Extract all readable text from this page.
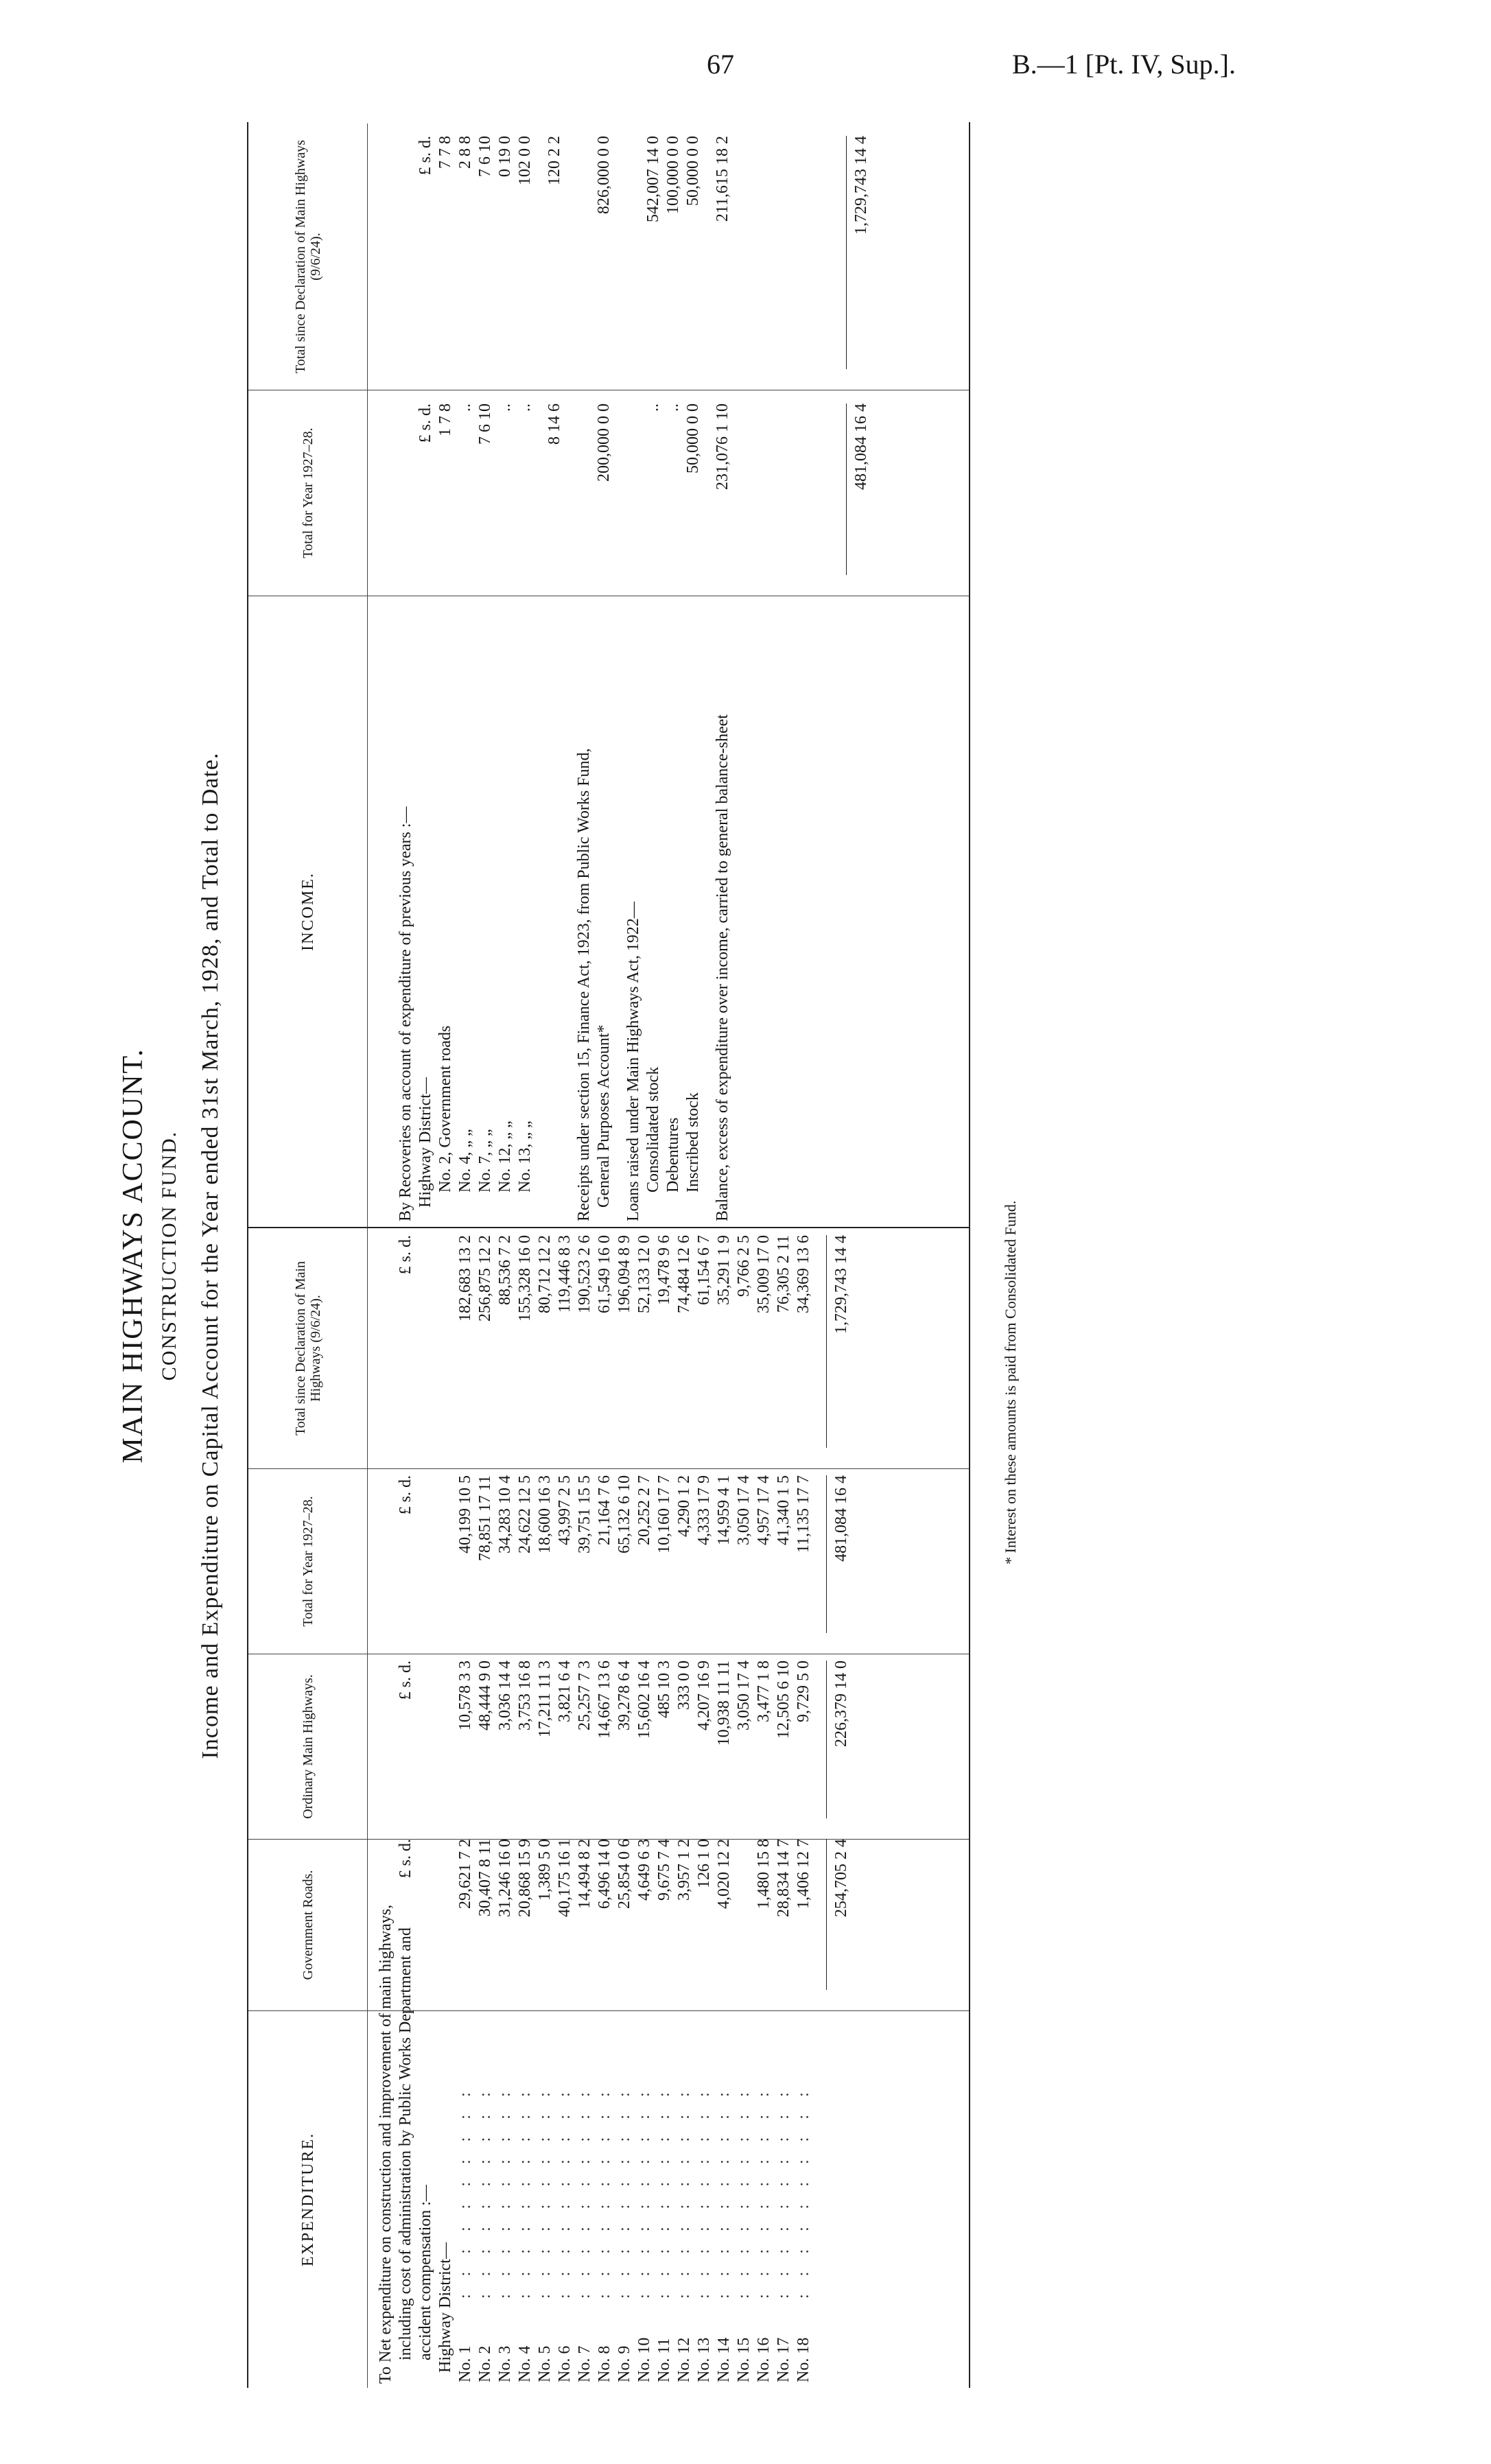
67	B.—1 [Pt. IV, Sup.].
MAIN HIGHWAYS ACCOUNT. CONSTRUCTION FUND. Income and Expenditure on Capital Account for the Year ended 31st March, 1928, and Total to Date.
EXPENDITURE.
Government Roads.
Ordinary Main Highways.
Total for Year 1927–28.
Total since Declaration of Main Highways (9/6/24).
To Net expenditure on construction and improvement of main highways, including cost of administration by Public Works Department and accident compensation :— Highway District—
£ s. d.
£ s. d.
£ s. d.
£ s. d.
No. 1
: : : : : : : : : :
29,621 7 2
10,578 3 3
40,199 10 5
182,683 13 2
No. 2
: : : : : : : : : :
30,407 8 11
48,444 9 0
78,851 17 11
256,875 12 2
No. 3
: : : : : : : : : :
31,246 16 0
3,036 14 4
34,283 10 4
88,536 7 2
No. 4
: : : : : : : : : :
20,868 15 9
3,753 16 8
24,622 12 5
155,328 16 0
No. 5
: : : : : : : : : :
1,389 5 0
17,211 11 3
18,600 16 3
80,712 12 2
No. 6
: : : : : : : : : :
40,175 16 1
3,821 6 4
43,997 2 5
119,446 8 3
No. 7
: : : : : : : : : :
14,494 8 2
25,257 7 3
39,751 15 5
190,523 2 6
No. 8
: : : : : : : : : :
6,496 14 0
14,667 13 6
21,164 7 6
61,549 16 0
No. 9
: : : : : : : : : :
25,854 0 6
39,278 6 4
65,132 6 10
196,094 8 9
No. 10
: : : : : : : : : :
4,649 6 3
15,602 16 4
20,252 2 7
52,133 12 0
No. 11
: : : : : : : : : :
9,675 7 4
485 10 3
10,160 17 7
19,478 9 6
No. 12
: : : : : : : : : :
3,957 1 2
333 0 0
4,290 1 2
74,484 12 6
No. 13
: : : : : : : : : :
126 1 0
4,207 16 9
4,333 17 9
61,154 6 7
No. 14
: : : : : : : : : :
4,020 12 2
10,938 11 11
14,959 4 1
35,291 1 9
No. 15
: : : : : : : : : :
3,050 17 4
3,050 17 4
9,766 2 5
No. 16
: : : : : : : : : :
1,480 15 8
3,477 1 8
4,957 17 4
35,009 17 0
No. 17
: : : : : : : : : :
28,834 14 7
12,505 6 10
41,340 1 5
76,305 2 11
No. 18
: : : : : : : : : :
1,406 12 7
9,729 5 0
11,135 17 7
34,369 13 6
254,705 2 4
226,379 14 0
481,084 16 4
1,729,743 14 4
INCOME.
Total for Year 1927–28.
Total since Declaration of Main Highways (9/6/24).
£ s. d.
£ s. d.
By Recoveries on account of expenditure of previous years :— Highway District— No. 2, Government roads
1 7 8
7 7 8
No. 4, „ „
..
2 8 8
No. 7, „ „
7 6 10
7 6 10
No. 12, „ „
..
0 19 0
No. 13, „ „
..
102 0 0
8 14 6
120 2 2
Receipts under section 15, Finance Act, 1923, from Public Works Fund, General Purposes Account*
200,000 0 0
826,000 0 0
Loans raised under Main Highways Act, 1922— Consolidated stock
..
542,007 14 0
Debentures
..
100,000 0 0
Inscribed stock
50,000 0 0
50,000 0 0
Balance, excess of expenditure over income, carried to general balance-sheet
231,076 1 10
211,615 18 2
481,084 16 4
1,729,743 14 4
* Interest on these amounts is paid from Consolidated Fund.
